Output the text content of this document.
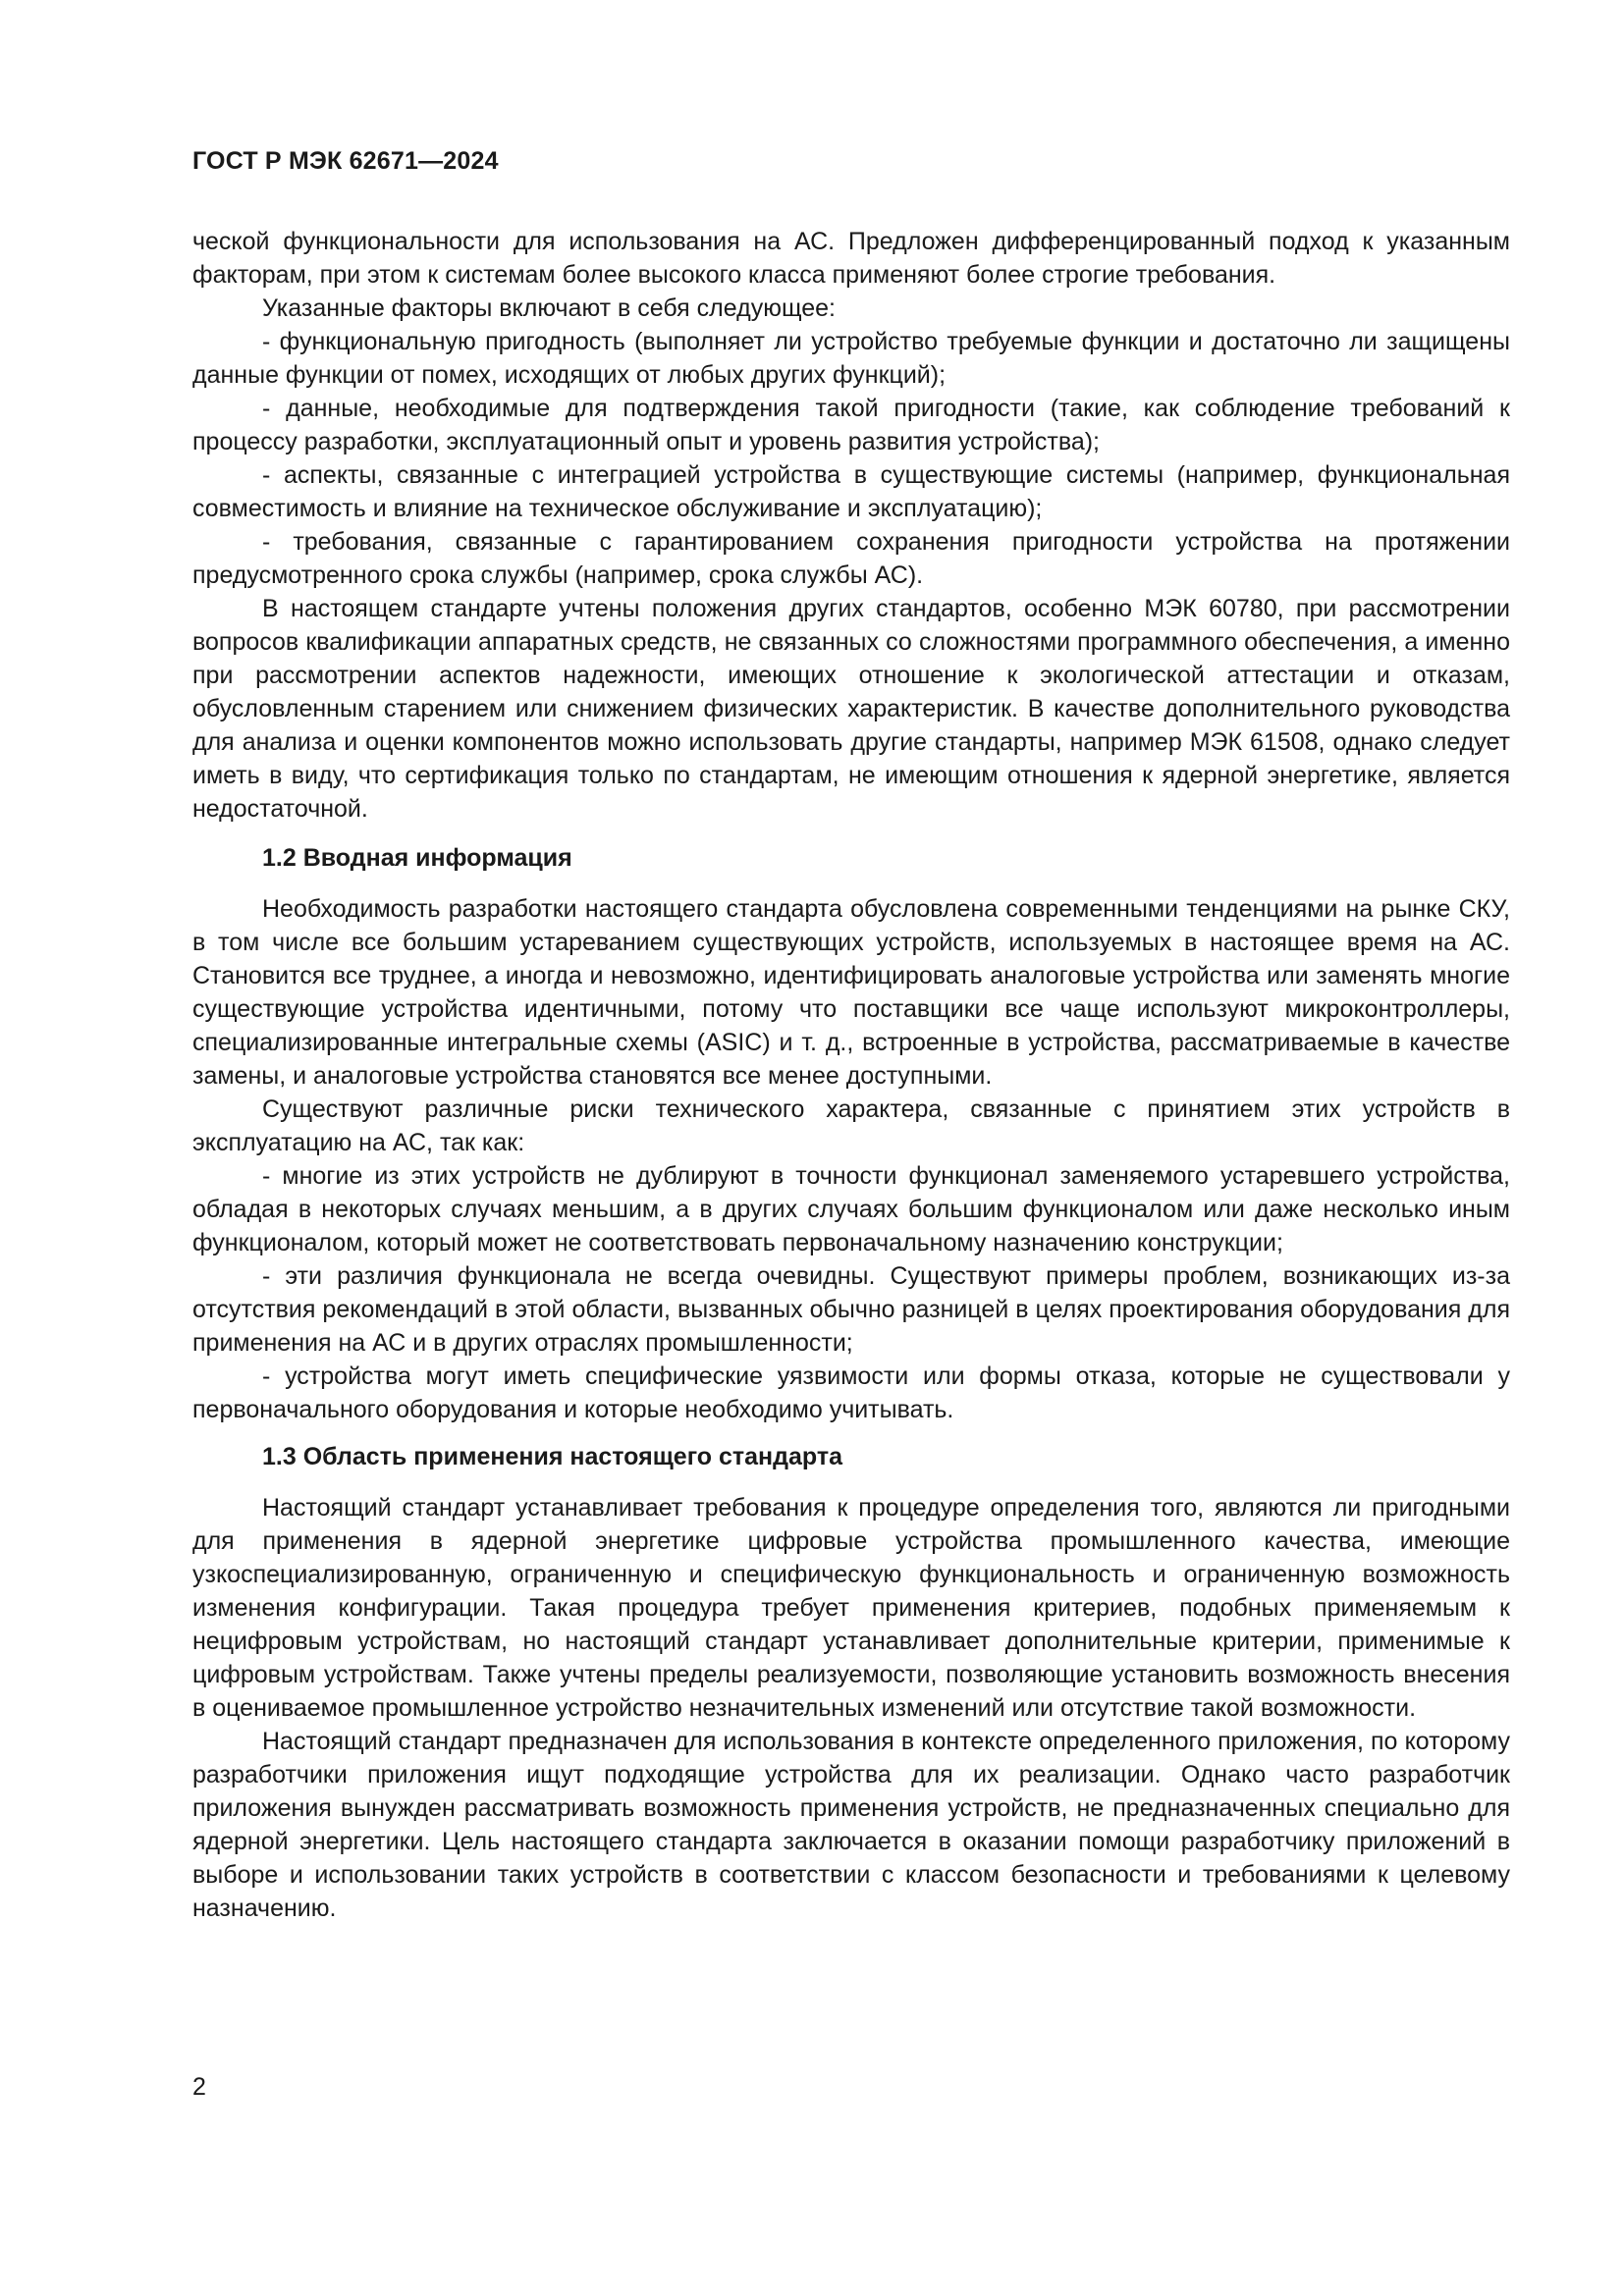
ГОСТ Р МЭК 62671—2024

ческой функциональности для использования на АС. Предложен дифференцированный подход к указанным факторам, при этом к системам более высокого класса применяют более строгие требования.

Указанные факторы включают в себя следующее:

- функциональную пригодность (выполняет ли устройство требуемые функции и достаточно ли защищены данные функции от помех, исходящих от любых других функций);

- данные, необходимые для подтверждения такой пригодности (такие, как соблюдение требований к процессу разработки, эксплуатационный опыт и уровень развития устройства);

- аспекты, связанные с интеграцией устройства в существующие системы (например, функциональная совместимость и влияние на техническое обслуживание и эксплуатацию);

- требования, связанные с гарантированием сохранения пригодности устройства на протяжении предусмотренного срока службы (например, срока службы АС).

В настоящем стандарте учтены положения других стандартов, особенно МЭК 60780, при рассмотрении вопросов квалификации аппаратных средств, не связанных со сложностями программного обеспечения, а именно при рассмотрении аспектов надежности, имеющих отношение к экологической аттестации и отказам, обусловленным старением или снижением физических характеристик. В качестве дополнительного руководства для анализа и оценки компонентов можно использовать другие стандарты, например МЭК 61508, однако следует иметь в виду, что сертификация только по стандартам, не имеющим отношения к ядерной энергетике, является недостаточной.

1.2 Вводная информация

Необходимость разработки настоящего стандарта обусловлена современными тенденциями на рынке СКУ, в том числе все большим устареванием существующих устройств, используемых в настоящее время на АС. Становится все труднее, а иногда и невозможно, идентифицировать аналоговые устройства или заменять многие существующие устройства идентичными, потому что поставщики все чаще используют микроконтроллеры, специализированные интегральные схемы (ASIC) и т. д., встроенные в устройства, рассматриваемые в качестве замены, и аналоговые устройства становятся все менее доступными.

Существуют различные риски технического характера, связанные с принятием этих устройств в эксплуатацию на АС, так как:

- многие из этих устройств не дублируют в точности функционал заменяемого устаревшего устройства, обладая в некоторых случаях меньшим, а в других случаях большим функционалом или даже несколько иным функционалом, который может не соответствовать первоначальному назначению конструкции;

- эти различия функционала не всегда очевидны. Существуют примеры проблем, возникающих из-за отсутствия рекомендаций в этой области, вызванных обычно разницей в целях проектирования оборудования для применения на АС и в других отраслях промышленности;

- устройства могут иметь специфические уязвимости или формы отказа, которые не существовали у первоначального оборудования и которые необходимо учитывать.

1.3 Область применения настоящего стандарта

Настоящий стандарт устанавливает требования к процедуре определения того, являются ли пригодными для применения в ядерной энергетике цифровые устройства промышленного качества, имеющие узкоспециализированную, ограниченную и специфическую функциональность и ограниченную возможность изменения конфигурации. Такая процедура требует применения критериев, подобных применяемым к нецифровым устройствам, но настоящий стандарт устанавливает дополнительные критерии, применимые к цифровым устройствам. Также учтены пределы реализуемости, позволяющие установить возможность внесения в оцениваемое промышленное устройство незначительных изменений или отсутствие такой возможности.

Настоящий стандарт предназначен для использования в контексте определенного приложения, по которому разработчики приложения ищут подходящие устройства для их реализации. Однако часто разработчик приложения вынужден рассматривать возможность применения устройств, не предназначенных специально для ядерной энергетики. Цель настоящего стандарта заключается в оказании помощи разработчику приложений в выборе и использовании таких устройств в соответствии с классом безопасности и требованиями к целевому назначению.

2
